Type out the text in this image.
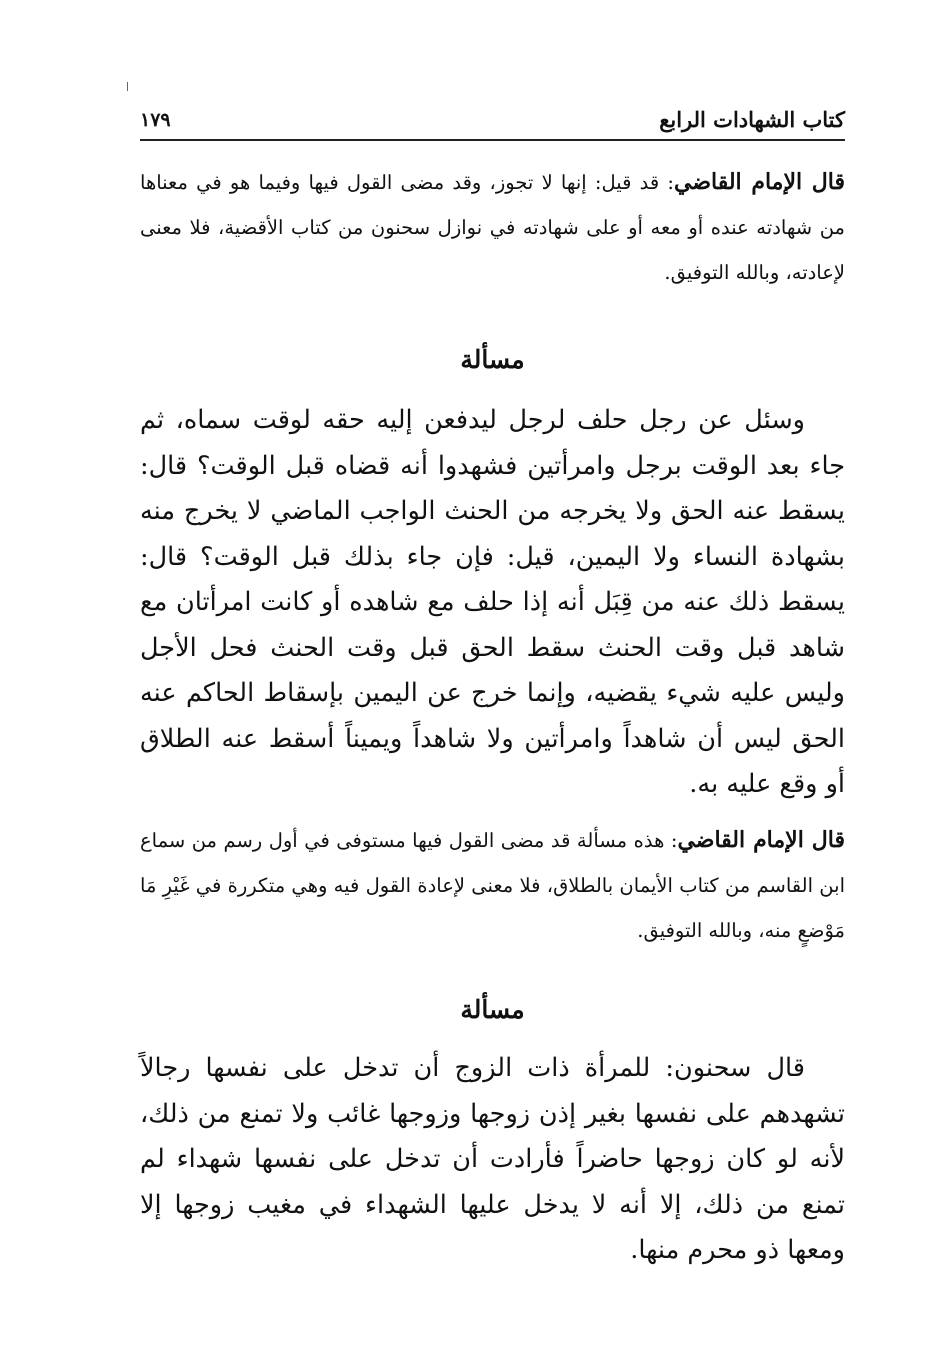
كتاب الشهادات الرابع
١٧٩
قال الإمام القاضي: قد قيل: إنها لا تجوز، وقد مضى القول فيها وفيما هو في معناها من شهادته عنده أو معه أو على شهادته في نوازل سحنون من كتاب الأقضية، فلا معنى لإعادته، وبالله التوفيق.
مسألة
وسئل عن رجل حلف لرجل ليدفعن إليه حقه لوقت سماه، ثم جاء بعد الوقت برجل وامرأتين فشهدوا أنه قضاه قبل الوقت؟ قال: يسقط عنه الحق ولا يخرجه من الحنث الواجب الماضي لا يخرج منه بشهادة النساء ولا اليمين، قيل: فإن جاء بذلك قبل الوقت؟ قال: يسقط ذلك عنه من قِبَل أنه إذا حلف مع شاهده أو كانت امرأتان مع شاهد قبل وقت الحنث سقط الحق قبل وقت الحنث فحل الأجل وليس عليه شيء يقضيه، وإنما خرج عن اليمين بإسقاط الحاكم عنه الحق ليس أن شاهداً وامرأتين ولا شاهداً ويميناً أسقط عنه الطلاق أو وقع عليه به.
قال الإمام القاضي: هذه مسألة قد مضى القول فيها مستوفى في أول رسم من سماع ابن القاسم من كتاب الأيمان بالطلاق، فلا معنى لإعادة القول فيه وهي متكررة في غَيْرِ مَا مَوْضعٍ منه، وبالله التوفيق.
مسألة
قال سحنون: للمرأة ذات الزوج أن تدخل على نفسها رجالاً تشهدهم على نفسها بغير إذن زوجها وزوجها غائب ولا تمنع من ذلك، لأنه لو كان زوجها حاضراً فأرادت أن تدخل على نفسها شهداء لم تمنع من ذلك، إلا أنه لا يدخل عليها الشهداء في مغيب زوجها إلا ومعها ذو محرم منها.
